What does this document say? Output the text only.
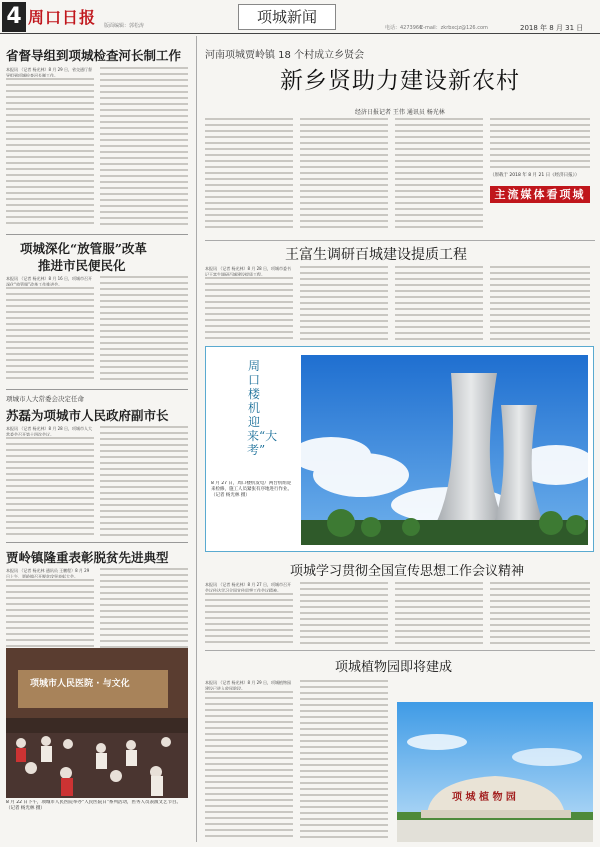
4 周口日报 版面编辑：郭松涛	项城新闻
电话：4273966
E-mail：zkrbxcjz@126.com	2018 年 8 月 31 日
省督导组到项城检查河长制工作
本报讯 （记者 杨光林）8 月 29 日，省交通厅督导组到项城检查河长制工作。
项城深化“放管服”改革
推进市民便民化
本报讯 （记者 杨光林）8 月 16 日，项城市召开深化“放管服”改革工作推进会。
项城市人大常委会决定任命
苏磊为项城市人民政府副市长
本报讯 （记者 杨光林）8 月 28 日，项城市人大常委会召开第十四次会议。
贾岭镇隆重表彰脱贫先进典型
本报讯 （记者 杨光林 通讯员 王鹏程）8 月 29 日上午，贾岭镇召开脱贫攻坚表彰大会。
项城市人民医院 · 与文化
8 月 22 日下午，项城市人民医院举办“人民医院日”系列活动，医务人员表演文艺节目。 （记者 杨光林 摄）
河南项城贾岭镇 18 个村成立乡贤会
新乡贤助力建设新农村
经济日报记者 王伟 通讯员 杨光林
（原载于 2018 年 8 月 21 日《经济日报》）
主流媒体看项城
王富生调研百城建设提质工程
本报讯 （记者 杨光林）8 月 28 日，项城市委书记王富生调研百城建设提质工程。
周口楼机迎来“大考”
8 月 27 日，周口楼机发电厂两台机组迎来检修，施工人员紧张有序地进行作业。 （记者 杨光林 摄）
项城学习贯彻全国宣传思想工作会议精神
本报讯 （记者 杨光林）8 月 27 日，项城市召开会议传达学习全国宣传思想工作会议精神。
项城植物园即将建成
本报讯 （记者 杨光林）8 月 29 日，项城植物园建设已进入收尾阶段。
项 城 植 物 园
